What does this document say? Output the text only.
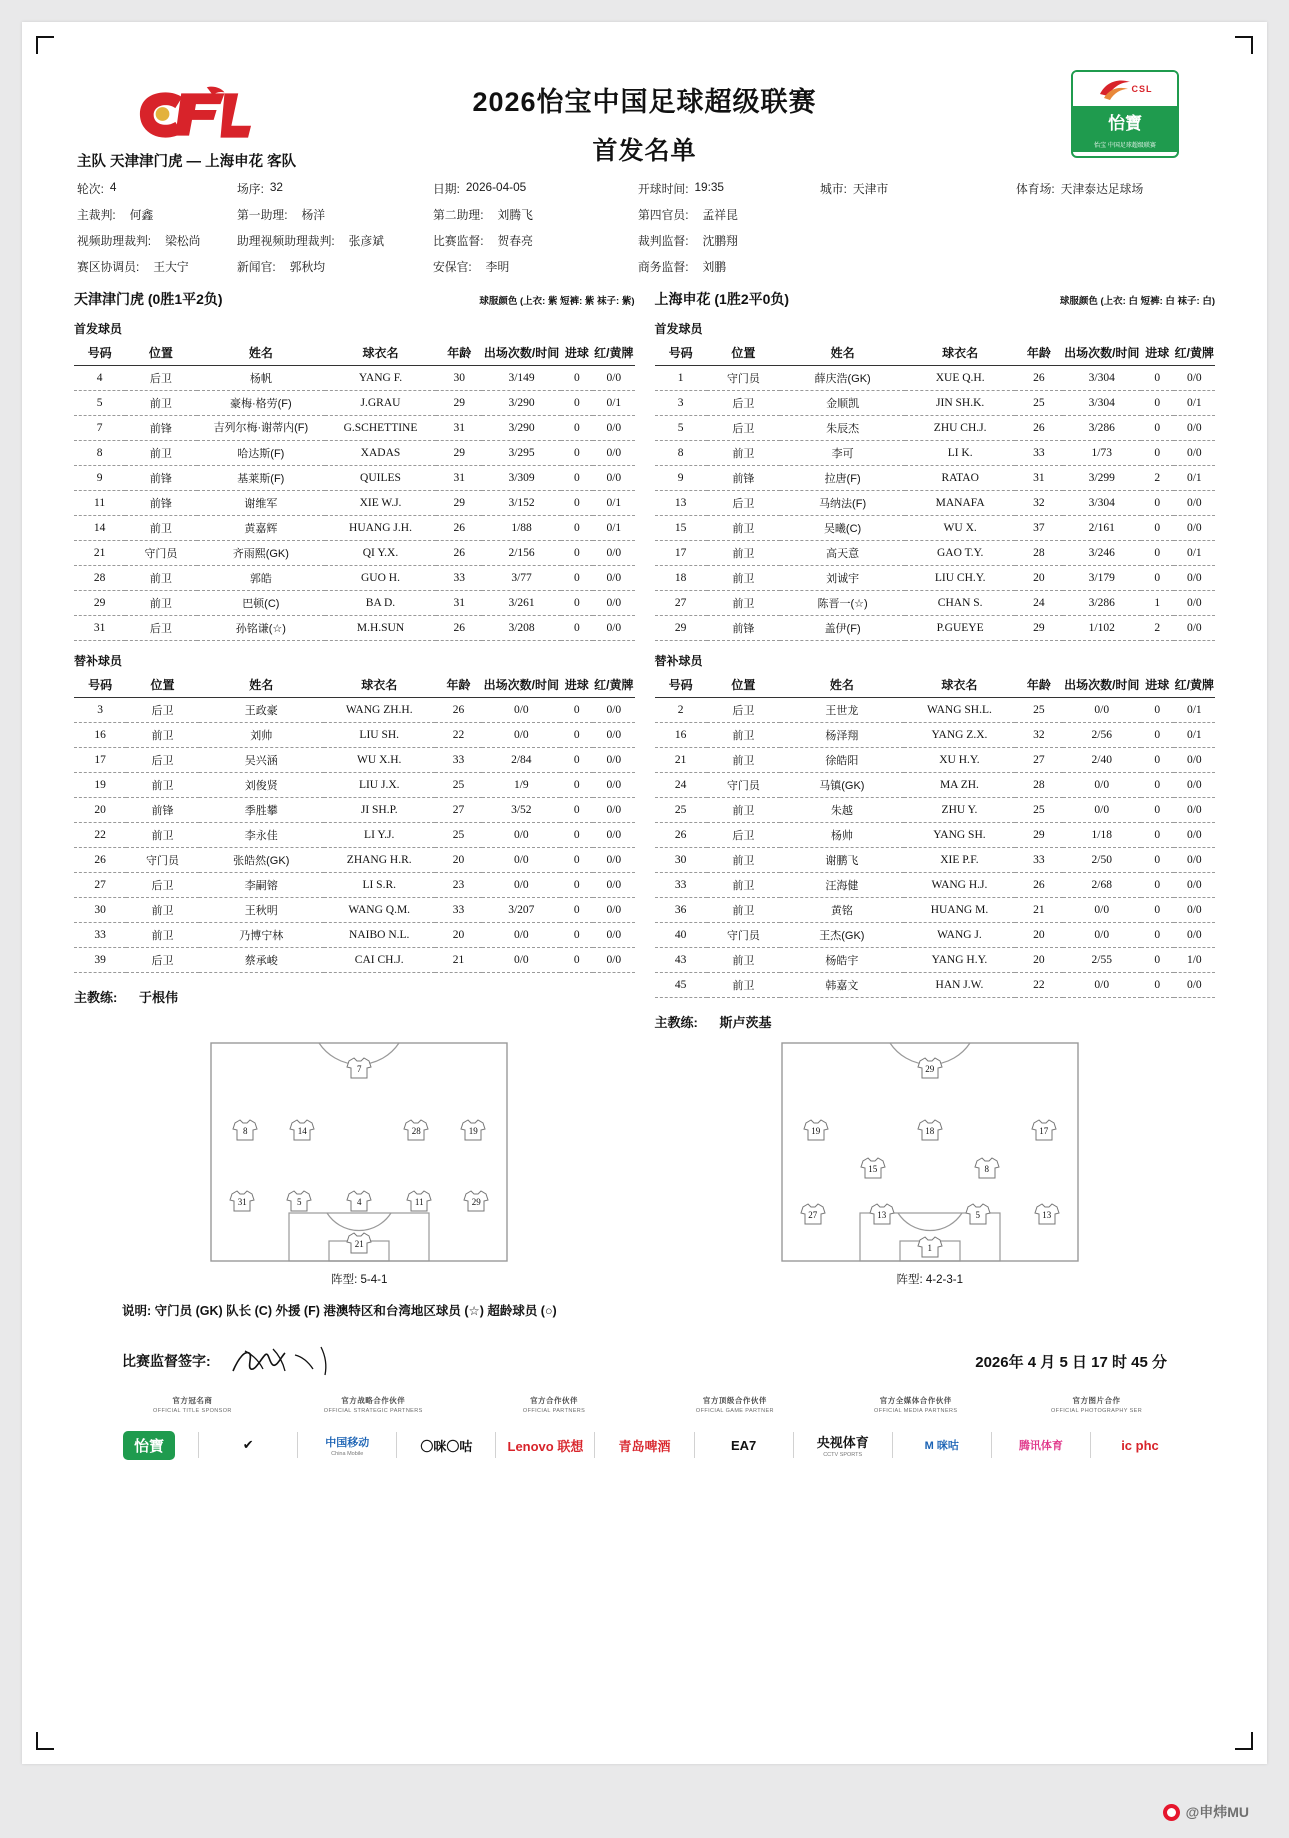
2026怡宝中国足球超级联赛
首发名单
CSL
怡寶
怡宝 中国足球超级联赛
主队 天津津门虎 — 上海申花 客队
轮次: 4	场序: 32	日期: 2026-04-05	开球时间: 19:35	城市: 天津市	体育场: 天津泰达足球场
主裁判: 何鑫	第一助理: 杨洋	第二助理: 刘腾飞	第四官员: 孟祥昆
视频助理裁判: 梁松尚	助理视频助理裁判: 张彦斌	比赛监督: 贺春亮	裁判监督: 沈鹏翔
赛区协调员: 王大宁	新闻官: 郭秋均	安保官: 李明	商务监督: 刘鹏
天津津门虎 (0胜1平2负)	球服颜色 (上衣: 紫 短裤: 紫 袜子: 紫)
首发球员
号码	位置	姓名	球衣名	年龄	出场次数/时间	进球	红/黄牌
4	后卫	杨帆	YANG F.	30	3/149	0	0/0
5	前卫	豪梅·格劳(F)	J.GRAU	29	3/290	0	0/1
7	前锋	吉列尔梅·谢蒂内(F)	G.SCHETTINE	31	3/290	0	0/0
8	前卫	哈达斯(F)	XADAS	29	3/295	0	0/0
9	前锋	基莱斯(F)	QUILES	31	3/309	0	0/0
11	前锋	谢维军	XIE W.J.	29	3/152	0	0/1
14	前卫	黄嘉辉	HUANG J.H.	26	1/88	0	0/1
21	守门员	齐雨熙(GK)	QI Y.X.	26	2/156	0	0/0
28	前卫	郭皓	GUO H.	33	3/77	0	0/0
29	前卫	巴顿(C)	BA D.	31	3/261	0	0/0
31	后卫	孙铭谦(☆)	M.H.SUN	26	3/208	0	0/0
替补球员
号码	位置	姓名	球衣名	年龄	出场次数/时间	进球	红/黄牌
3	后卫	王政豪	WANG ZH.H.	26	0/0	0	0/0
16	前卫	刘帅	LIU SH.	22	0/0	0	0/0
17	后卫	吴兴涵	WU X.H.	33	2/84	0	0/0
19	前卫	刘俊贤	LIU J.X.	25	1/9	0	0/0
20	前锋	季胜攀	JI SH.P.	27	3/52	0	0/0
22	前卫	李永佳	LI Y.J.	25	0/0	0	0/0
26	守门员	张皓然(GK)	ZHANG H.R.	20	0/0	0	0/0
27	后卫	李嗣镕	LI S.R.	23	0/0	0	0/0
30	前卫	王秋明	WANG Q.M.	33	3/207	0	0/0
33	前卫	乃博宁林	NAIBO N.L.	20	0/0	0	0/0
39	后卫	蔡承峻	CAI CH.J.	21	0/0	0	0/0
主教练: 于根伟
上海申花 (1胜2平0负)	球服颜色 (上衣: 白 短裤: 白 袜子: 白)
首发球员
号码	位置	姓名	球衣名	年龄	出场次数/时间	进球	红/黄牌
1	守门员	薛庆浩(GK)	XUE Q.H.	26	3/304	0	0/0
3	后卫	金顺凯	JIN SH.K.	25	3/304	0	0/1
5	后卫	朱辰杰	ZHU CH.J.	26	3/286	0	0/0
8	前卫	李可	LI K.	33	1/73	0	0/0
9	前锋	拉唐(F)	RATAO	31	3/299	2	0/1
13	后卫	马纳法(F)	MANAFA	32	3/304	0	0/0
15	前卫	吴曦(C)	WU X.	37	2/161	0	0/0
17	前卫	高天意	GAO T.Y.	28	3/246	0	0/1
18	前卫	刘诚宇	LIU CH.Y.	20	3/179	0	0/0
27	前卫	陈晋一(☆)	CHAN S.	24	3/286	1	0/0
29	前锋	盖伊(F)	P.GUEYE	29	1/102	2	0/0
替补球员
号码	位置	姓名	球衣名	年龄	出场次数/时间	进球	红/黄牌
2	后卫	王世龙	WANG SH.L.	25	0/0	0	0/1
16	前卫	杨泽翔	YANG Z.X.	32	2/56	0	0/1
21	前卫	徐皓阳	XU H.Y.	27	2/40	0	0/0
24	守门员	马镇(GK)	MA ZH.	28	0/0	0	0/0
25	前卫	朱越	ZHU Y.	25	0/0	0	0/0
26	后卫	杨帅	YANG SH.	29	1/18	0	0/0
30	前卫	谢鹏飞	XIE P.F.	33	2/50	0	0/0
33	前卫	汪海健	WANG H.J.	26	2/68	0	0/0
36	前卫	黄铭	HUANG M.	21	0/0	0	0/0
40	守门员	王杰(GK)	WANG J.	20	0/0	0	0/0
43	前卫	杨皓宇	YANG H.Y.	20	2/55	0	1/0
45	前卫	韩嘉文	HAN J.W.	22	0/0	0	0/0
主教练: 斯卢茨基
7
8	14	28	19
31	5	4	11	29
21
阵型: 5-4-1
29
19	18	17
15	8
27	13	5	13
1
阵型: 4-2-3-1
说明: 守门员 (GK) 队长 (C) 外援 (F) 港澳特区和台湾地区球员 (☆) 超龄球员 (○)
比赛监督签字:	2026年 4 月 5 日 17 时 45 分
官方冠名商
OFFICIAL TITLE SPONSOR
官方战略合作伙伴
OFFICIAL STRATEGIC PARTNERS
官方合作伙伴
OFFICIAL PARTNERS
官方顶级合作伙伴
OFFICIAL GAME PARTNER
官方全媒体合作伙伴
OFFICIAL MEDIA PARTNERS
官方图片合作
OFFICIAL PHOTOGRAPHY SER
怡寶	✔	中国移动
China Mobile	〇咪〇咕	Lenovo 联想	青岛啤酒	EA7	央视体育
CCTV SPORTS
M 咪咕	腾讯体育	ic phc
@申炜MU
